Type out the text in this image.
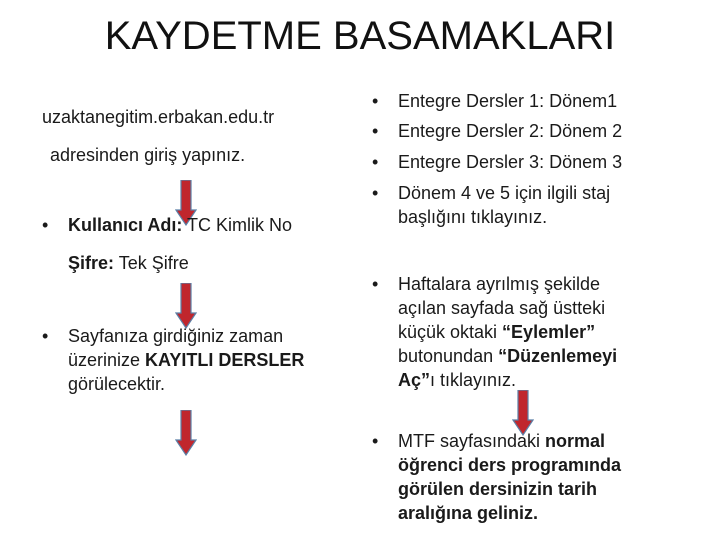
KAYDETME BASAMAKLARI
uzaktanegitim.erbakan.edu.tr
adresinden giriş yapınız.
• Kullanıcı Adı: TC Kimlik No
Şifre: Tek Şifre
• Sayfanıza girdiğiniz zaman
üzerinize KAYITLI DERSLER
görülecektir.
• Entegre Dersler 1: Dönem1
• Entegre Dersler 2: Dönem 2
• Entegre Dersler 3: Dönem 3
• Dönem 4 ve 5 için ilgili staj
başlığını tıklayınız.
• Haftalara ayrılmış şekilde
açılan sayfada sağ üstteki
küçük oktaki “Eylemler”
butonundan “Düzenlemeyi
Aç”ı tıklayınız.
• MTF sayfasındaki normal
öğrenci ders programında
görülen dersinizin tarih
aralığına geliniz.
